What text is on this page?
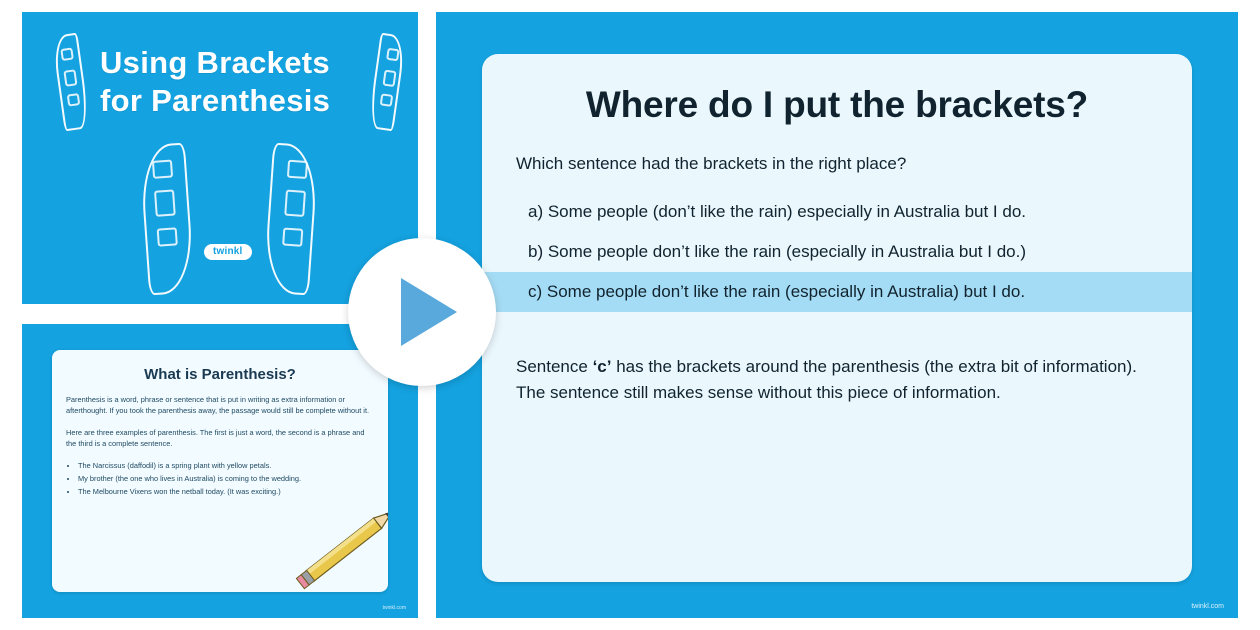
Using Brackets for Parenthesis
twinkl
What is Parenthesis?

Parenthesis is a word, phrase or sentence that is put in writing as extra information or afterthought. If you took the parenthesis away, the passage would still be complete without it.

Here are three examples of parenthesis. The first is just a word, the second is a phrase and the third is a complete sentence.

• The Narcissus (daffodil) is a spring plant with yellow petals.
• My brother (the one who lives in Australia) is coming to the wedding.
• The Melbourne Vixens won the netball today. (It was exciting.)
twinkl.com
Where do I put the brackets?
Which sentence had the brackets in the right place?
a) Some people (don’t like the rain) especially in Australia but I do.
b) Some people don’t like the rain (especially in Australia but I do.)
c) Some people don’t like the rain (especially in Australia) but I do.
Sentence ‘c’ has the brackets around the parenthesis (the extra bit of information). The sentence still makes sense without this piece of information.
twinkl.com
